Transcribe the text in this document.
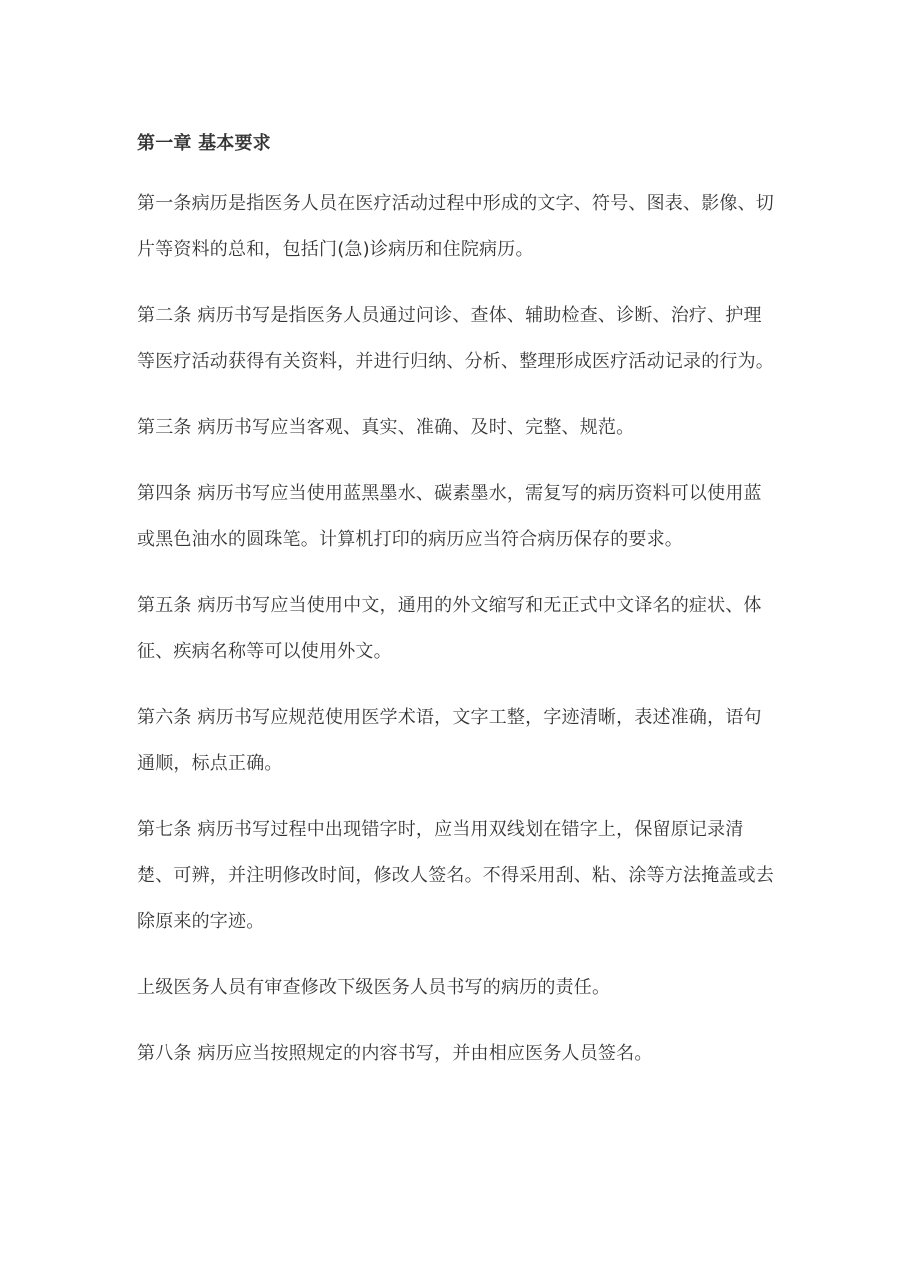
第一章 基本要求

第一条病历是指医务人员在医疗活动过程中形成的文字、符号、图表、影像、切片等资料的总和，包括门(急)诊病历和住院病历。

第二条 病历书写是指医务人员通过问诊、查体、辅助检查、诊断、治疗、护理等医疗活动获得有关资料，并进行归纳、分析、整理形成医疗活动记录的行为。

第三条 病历书写应当客观、真实、准确、及时、完整、规范。

第四条 病历书写应当使用蓝黑墨水、碳素墨水，需复写的病历资料可以使用蓝或黑色油水的圆珠笔。计算机打印的病历应当符合病历保存的要求。

第五条 病历书写应当使用中文，通用的外文缩写和无正式中文译名的症状、体征、疾病名称等可以使用外文。

第六条 病历书写应规范使用医学术语，文字工整，字迹清晰，表述准确，语句通顺，标点正确。

第七条 病历书写过程中出现错字时，应当用双线划在错字上，保留原记录清楚、可辨，并注明修改时间，修改人签名。不得采用刮、粘、涂等方法掩盖或去除原来的字迹。

上级医务人员有审查修改下级医务人员书写的病历的责任。

第八条 病历应当按照规定的内容书写，并由相应医务人员签名。
